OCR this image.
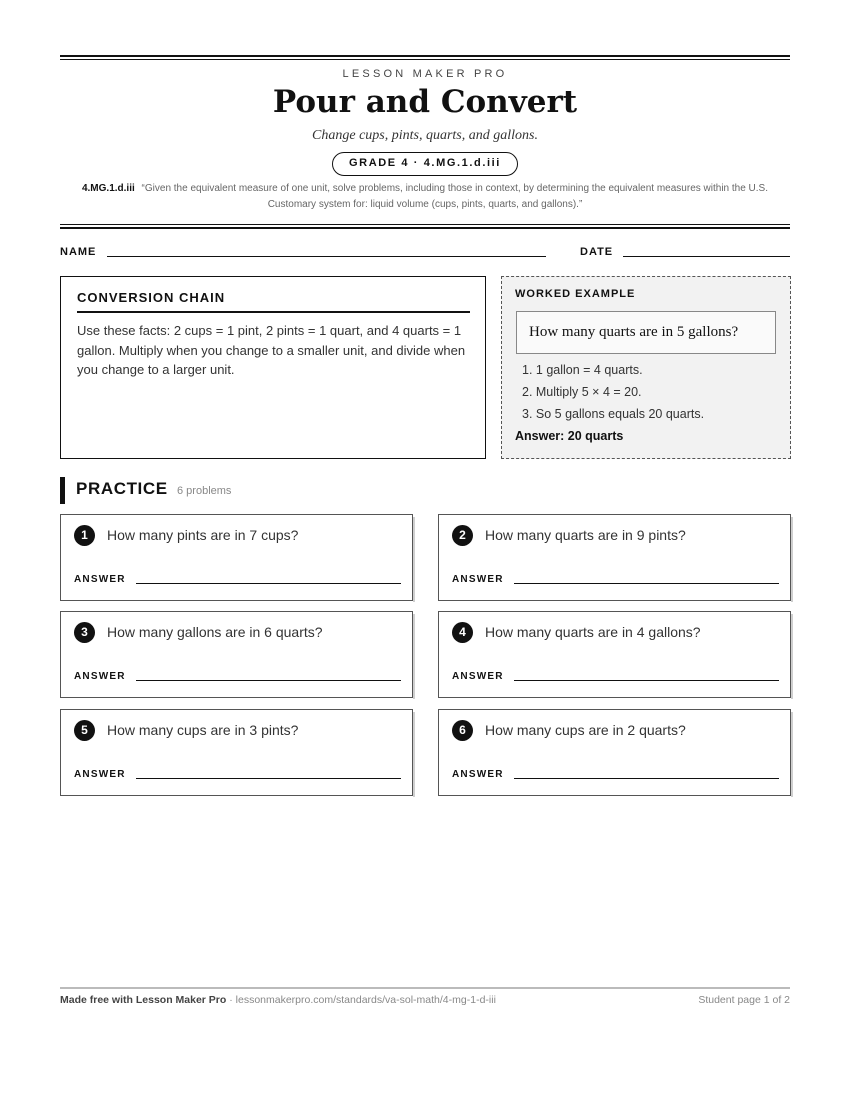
LESSON MAKER PRO
Pour and Convert
Change cups, pints, quarts, and gallons.
GRADE 4 · 4.MG.1.d.iii
4.MG.1.d.iii “Given the equivalent measure of one unit, solve problems, including those in context, by determining the equivalent measures within the U.S. Customary system for: liquid volume (cups, pints, quarts, and gallons).”
NAME	DATE
CONVERSION CHAIN
Use these facts: 2 cups = 1 pint, 2 pints = 1 quart, and 4 quarts = 1 gallon. Multiply when you change to a smaller unit, and divide when you change to a larger unit.
WORKED EXAMPLE
How many quarts are in 5 gallons?
1. 1 gallon = 4 quarts.
2. Multiply 5 × 4 = 20.
3. So 5 gallons equals 20 quarts.
Answer: 20 quarts
PRACTICE 6 problems
1	How many pints are in 7 cups?
ANSWER
2	How many quarts are in 9 pints?
ANSWER
3	How many gallons are in 6 quarts?
ANSWER
4	How many quarts are in 4 gallons?
ANSWER
5	How many cups are in 3 pints?
ANSWER
6	How many cups are in 2 quarts?
ANSWER
Made free with Lesson Maker Pro · lessonmakerpro.com/standards/va-sol-math/4-mg-1-d-iii	Student page 1 of 2
